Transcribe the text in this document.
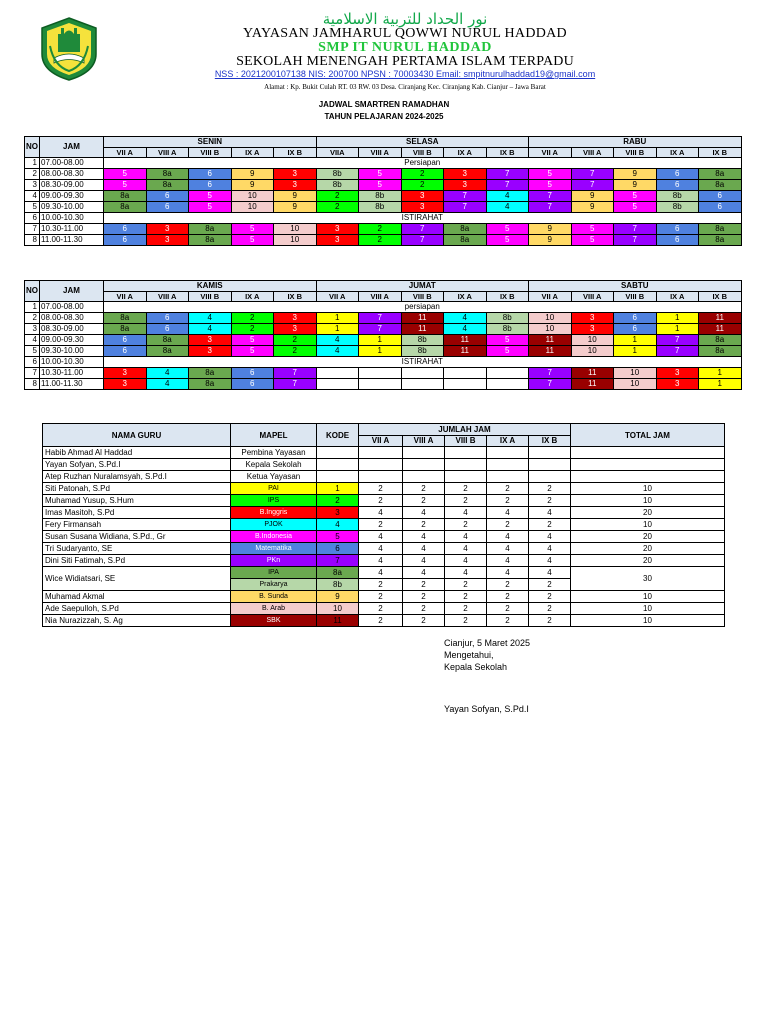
نور الحداد للتربية الاسلامية
YAYASAN JAMHARUL QOWWI NURUL HADDAD
SMP IT NURUL HADDAD
SEKOLAH MENENGAH PERTAMA ISLAM TERPADU
NSS : 2021200107138 NIS: 200700 NPSN : 70003430 Email: smpitnurulhaddad19@gmail.com
Alamat : Kp. Bukit Culah RT. 03 RW. 03 Desa. Ciranjang Kec. Ciranjang Kab. Cianjur – Jawa Barat
JADWAL SMARTREN RAMADHAN
TAHUN PELAJARAN 2024-2025
NO	JAM	SENIN					SELASA					RABU				
		VII A	VIII A	VIII B	IX A	IX B	VIIA	VIII A	VIII B	IX A	IX B	VII A	VIII A	VIII B	IX A	IX B
1	07.00-08.00	Persiapan														
2	08.00-08.30	5	8a	6	9	3	8b	5	2	3	7	5	7	9	6	8a
3	08.30-09.00	5	8a	6	9	3	8b	5	2	3	7	5	7	9	6	8a
4	09.00-09.30	8a	6	5	10	9	2	8b	3	7	4	7	9	5	8b	6
5	09.30-10.00	8a	6	5	10	9	2	8b	3	7	4	7	9	5	8b	6
6	10.00-10.30	ISTIRAHAT														
7	10.30-11.00	6	3	8a	5	10	3	2	7	8a	5	9	5	7	6	8a
8	11.00-11.30	6	3	8a	5	10	3	2	7	8a	5	9	5	7	6	8a
NO	JAM	KAMIS					JUMAT					SABTU				
		VII A	VIII A	VIII B	IX A	IX B	VII A	VIII A	VIII B	IX A	IX B	VII A	VIII A	VIII B	IX A	IX B
1	07.00-08.00	persiapan														
2	08.00-08.30	8a	6	4	2	3	1	7	11	4	8b	10	3	6	1	11
3	08.30-09.00	8a	6	4	2	3	1	7	11	4	8b	10	3	6	1	11
4	09.00-09.30	6	8a	3	5	2	4	1	8b	11	5	11	10	1	7	8a
5	09.30-10.00	6	8a	3	5	2	4	1	8b	11	5	11	10	1	7	8a
6	10.00-10.30	ISTIRAHAT														
7	10.30-11.00	3	4	8a	6	7						7	11	10	3	1
8	11.00-11.30	3	4	8a	6	7						7	11	10	3	1
NAMA GURU	MAPEL	KODE	JUMLAH JAM					TOTAL JAM
			VII A	VIII A	VIII B	IX A	IX B	
Habib Ahmad Al Haddad	Pembina Yayasan							
Yayan Sofyan, S.Pd.I	Kepala Sekolah							
Atep Ruzhan Nuralamsyah, S.Pd.I	Ketua Yayasan							
Siti Patonah, S.Pd	PAI	1	2	2	2	2	2	10
Muhamad Yusup, S.Hum	IPS	2	2	2	2	2	2	10
Imas Masitoh, S.Pd	B.Inggris	3	4	4	4	4	4	20
Fery Firmansah	PJOK	4	2	2	2	2	2	10
Susan Susana Widiana, S.Pd., Gr	B.Indonesia	5	4	4	4	4	4	20
Tri Sudaryanto, SE	Matematika	6	4	4	4	4	4	20
Dini Siti Fatimah, S.Pd	PKn	7	4	4	4	4	4	20
Wice Widiatsari, SE	IPA	8a	4	4	4	4	4	30
	Prakarya	8b	2	2	2	2	2	
Muhamad Akmal	B. Sunda	9	2	2	2	2	2	10
Ade Saepulloh, S.Pd	B. Arab	10	2	2	2	2	2	10
Nia Nurazizzah, S. Ag	SBK	11	2	2	2	2	2	10
Cianjur, 5 Maret 2025
Mengetahui,
Kepala Sekolah
Yayan Sofyan, S.Pd.I
